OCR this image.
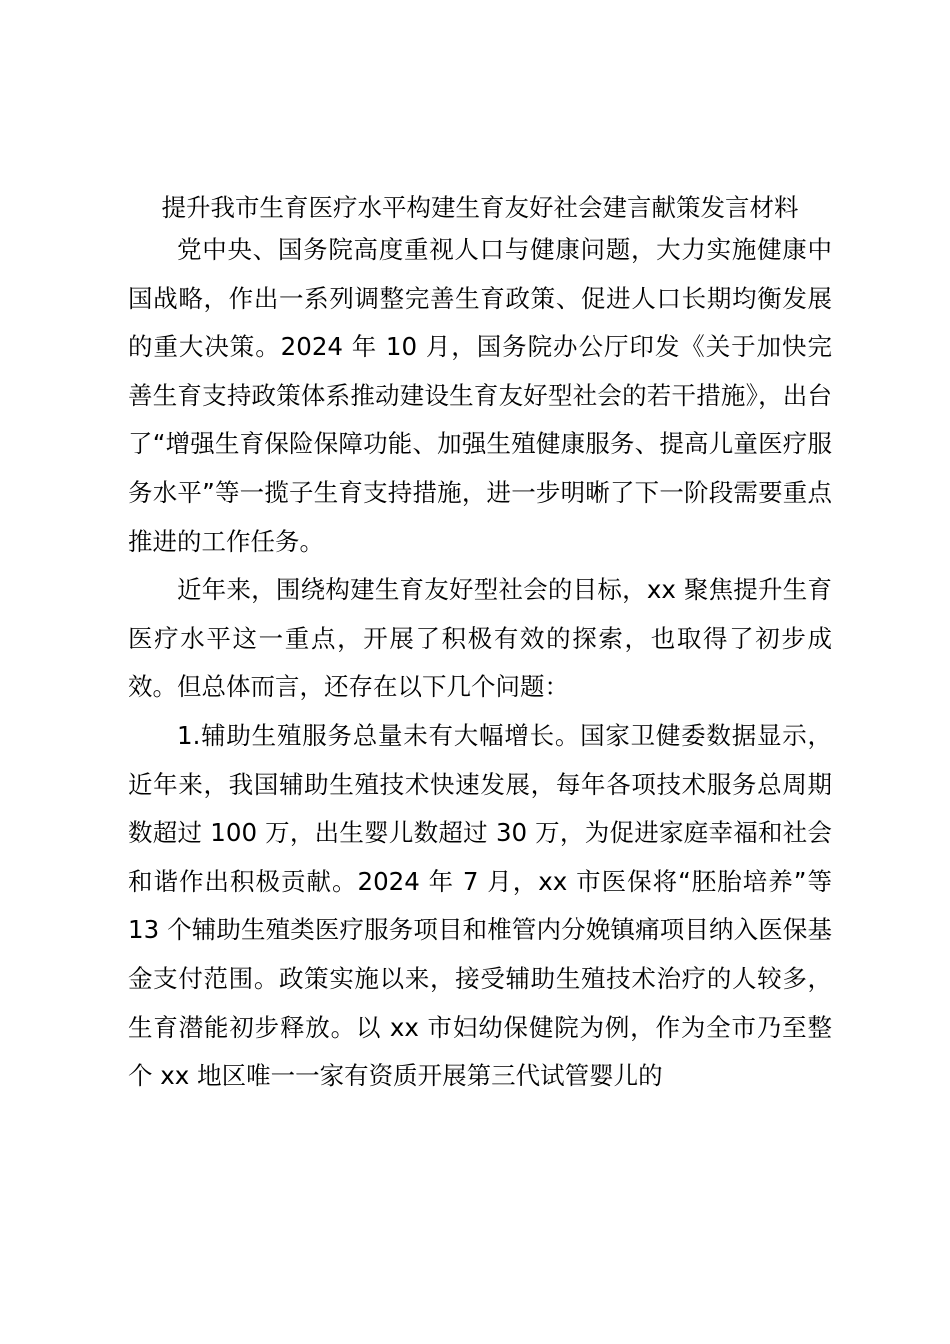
提升我市生育医疗水平构建生育友好社会建言献策发言材料

党中央、国务院高度重视人口与健康问题，大力实施健康中国战略，作出一系列调整完善生育政策、促进人口长期均衡发展的重大决策。2024 年 10 月，国务院办公厅印发《关于加快完善生育支持政策体系推动建设生育友好型社会的若干措施》，出台了“增强生育保险保障功能、加强生殖健康服务、提高儿童医疗服务水平”等一揽子生育支持措施，进一步明晰了下一阶段需要重点推进的工作任务。

近年来，围绕构建生育友好型社会的目标，xx 聚焦提升生育医疗水平这一重点，开展了积极有效的探索，也取得了初步成效。但总体而言，还存在以下几个问题：

1.辅助生殖服务总量未有大幅增长。国家卫健委数据显示，近年来，我国辅助生殖技术快速发展，每年各项技术服务总周期数超过 100 万，出生婴儿数超过 30 万，为促进家庭幸福和社会和谐作出积极贡献。2024 年 7 月，xx 市医保将“胚胎培养”等 13 个辅助生殖类医疗服务项目和椎管内分娩镇痛项目纳入医保基金支付范围。政策实施以来，接受辅助生殖技术治疗的人较多，生育潜能初步释放。以 xx 市妇幼保健院为例，作为全市乃至整个 xx 地区唯一一家有资质开展第三代试管婴儿的
